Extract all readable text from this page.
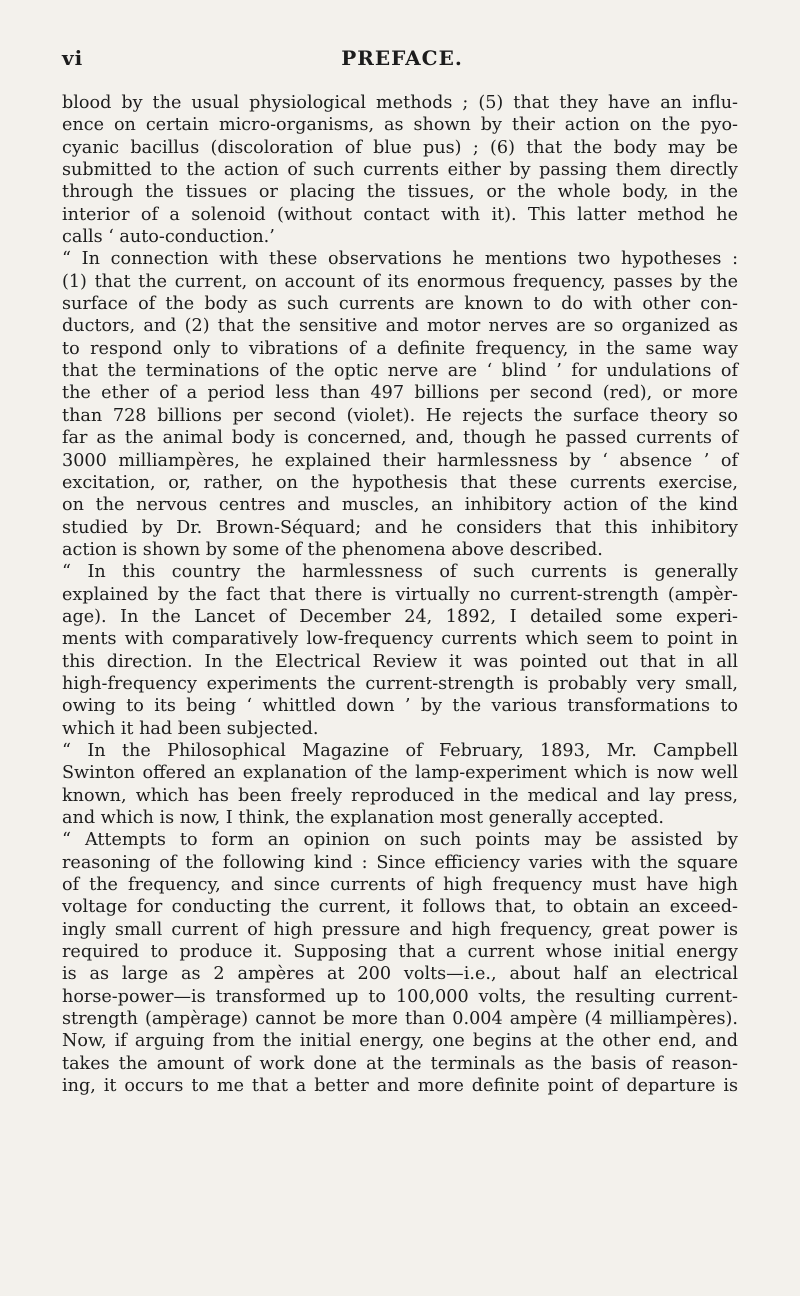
vi	PREFACE.
blood by the usual physiological methods ; (5) that they have an influ-
ence on certain micro-organisms, as shown by their action on the pyo-
cyanic bacillus (discoloration of blue pus) ; (6) that the body may be
submitted to the action of such currents either by passing them directly
through the tissues or placing the tissues, or the whole body, in the
interior of a solenoid (without contact with it). This latter method he
calls ‘ auto-conduction.’
“ In connection with these observations he mentions two hypotheses :
(1) that the current, on account of its enormous frequency, passes by the
surface of the body as such currents are known to do with other con-
ductors, and (2) that the sensitive and motor nerves are so organized as
to respond only to vibrations of a definite frequency, in the same way
that the terminations of the optic nerve are ‘ blind ’ for undulations of
the ether of a period less than 497 billions per second (red), or more
than 728 billions per second (violet). He rejects the surface theory so
far as the animal body is concerned, and, though he passed currents of
3000 milliampères, he explained their harmlessness by ‘ absence ’ of
excitation, or, rather, on the hypothesis that these currents exercise,
on the nervous centres and muscles, an inhibitory action of the kind
studied by Dr. Brown-Séquard; and he considers that this inhibitory
action is shown by some of the phenomena above described.
“ In this country the harmlessness of such currents is generally
explained by the fact that there is virtually no current-strength (ampèr-
age). In the Lancet of December 24, 1892, I detailed some experi-
ments with comparatively low-frequency currents which seem to point in
this direction. In the Electrical Review it was pointed out that in all
high-frequency experiments the current-strength is probably very small,
owing to its being ‘ whittled down ’ by the various transformations to
which it had been subjected.
“ In the Philosophical Magazine of February, 1893, Mr. Campbell
Swinton offered an explanation of the lamp-experiment which is now well
known, which has been freely reproduced in the medical and lay press,
and which is now, I think, the explanation most generally accepted.
“ Attempts to form an opinion on such points may be assisted by
reasoning of the following kind : Since efficiency varies with the square
of the frequency, and since currents of high frequency must have high
voltage for conducting the current, it follows that, to obtain an exceed-
ingly small current of high pressure and high frequency, great power is
required to produce it. Supposing that a current whose initial energy
is as large as 2 ampères at 200 volts—i.e., about half an electrical
horse-power—is transformed up to 100,000 volts, the resulting current-
strength (ampèrage) cannot be more than 0.004 ampère (4 milliampères).
Now, if arguing from the initial energy, one begins at the other end, and
takes the amount of work done at the terminals as the basis of reason-
ing, it occurs to me that a better and more definite point of departure is
